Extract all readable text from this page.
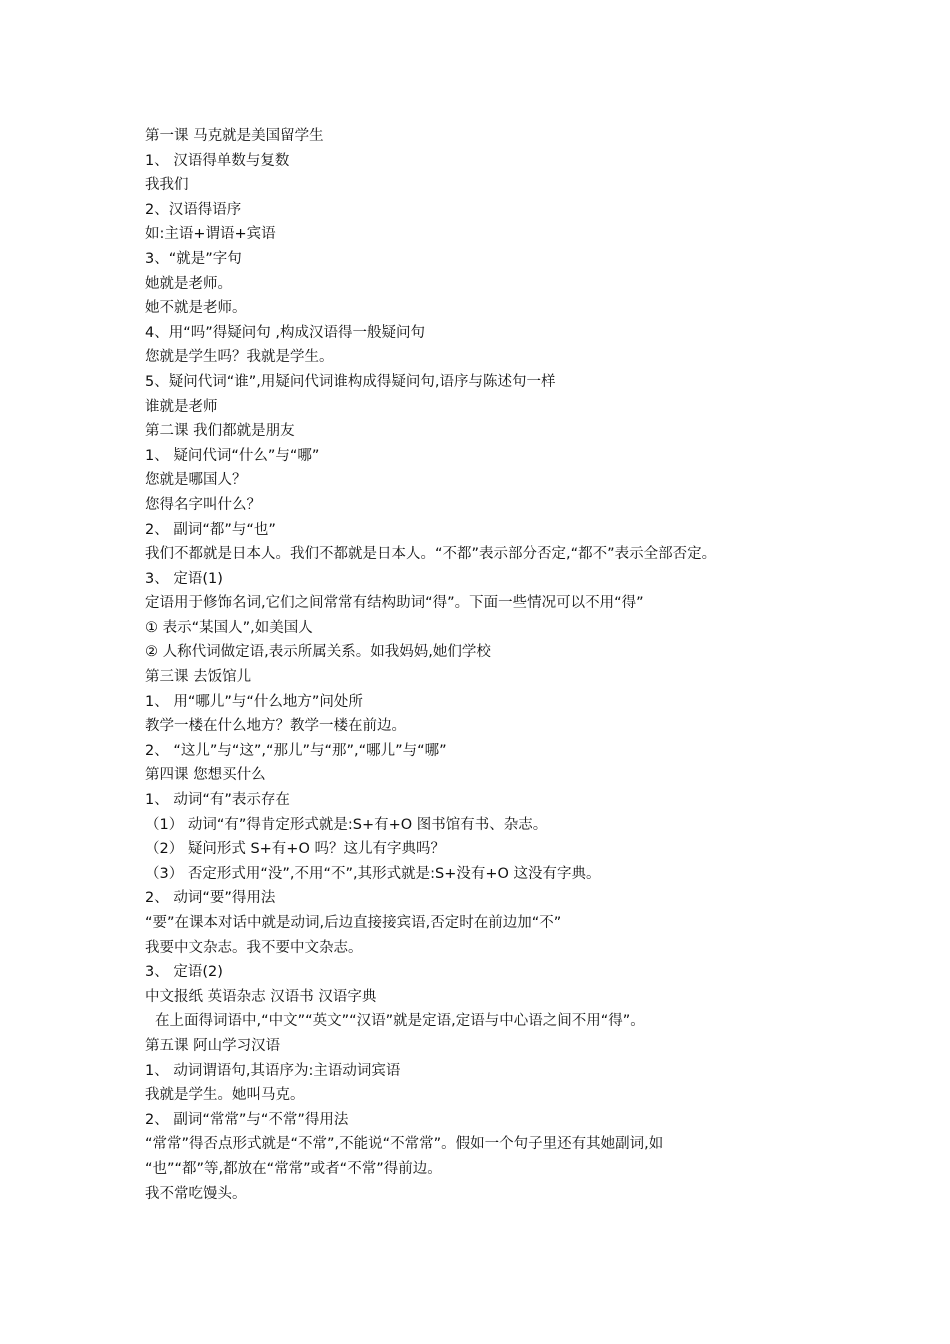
第一课 马克就是美国留学生
1、 汉语得单数与复数
我我们
2、汉语得语序
如:主语+谓语+宾语
3、“就是”字句
她就是老师。
她不就是老师。
4、用“吗”得疑问句 ,构成汉语得一般疑问句
您就是学生吗？我就是学生。
5、疑问代词“谁”,用疑问代词谁构成得疑问句,语序与陈述句一样
谁就是老师
第二课 我们都就是朋友
1、 疑问代词“什么”与“哪”
您就是哪国人？
您得名字叫什么？
2、 副词“都”与“也”
我们不都就是日本人。我们不都就是日本人。“不都”表示部分否定,“都不”表示全部否定。
3、 定语(1)
定语用于修饰名词,它们之间常常有结构助词“得”。下面一些情况可以不用“得”
① 表示“某国人”,如美国人
② 人称代词做定语,表示所属关系。如我妈妈,她们学校
第三课 去饭馆儿
1、 用“哪儿”与“什么地方”问处所
教学一楼在什么地方？教学一楼在前边。
2、 “这儿”与“这”,“那儿”与“那”,“哪儿”与“哪”
第四课 您想买什么
1、 动词“有”表示存在
（1） 动词“有”得肯定形式就是:S+有+O 图书馆有书、杂志。
（2） 疑问形式 S+有+O 吗？这儿有字典吗？
（3） 否定形式用“没”,不用“不”,其形式就是:S+没有+O 这没有字典。
2、 动词“要”得用法
“要”在课本对话中就是动词,后边直接接宾语,否定时在前边加“不”
我要中文杂志。我不要中文杂志。
3、 定语(2)
中文报纸 英语杂志 汉语书 汉语字典
在上面得词语中,“中文”“英文”“汉语”就是定语,定语与中心语之间不用“得”。
第五课 阿山学习汉语
1、 动词谓语句,其语序为:主语动词宾语
我就是学生。她叫马克。
2、 副词“常常”与“不常”得用法
“常常”得否点形式就是“不常”,不能说“不常常”。假如一个句子里还有其她副词,如
“也”“都”等,都放在“常常”或者“不常”得前边。
我不常吃馒头。
